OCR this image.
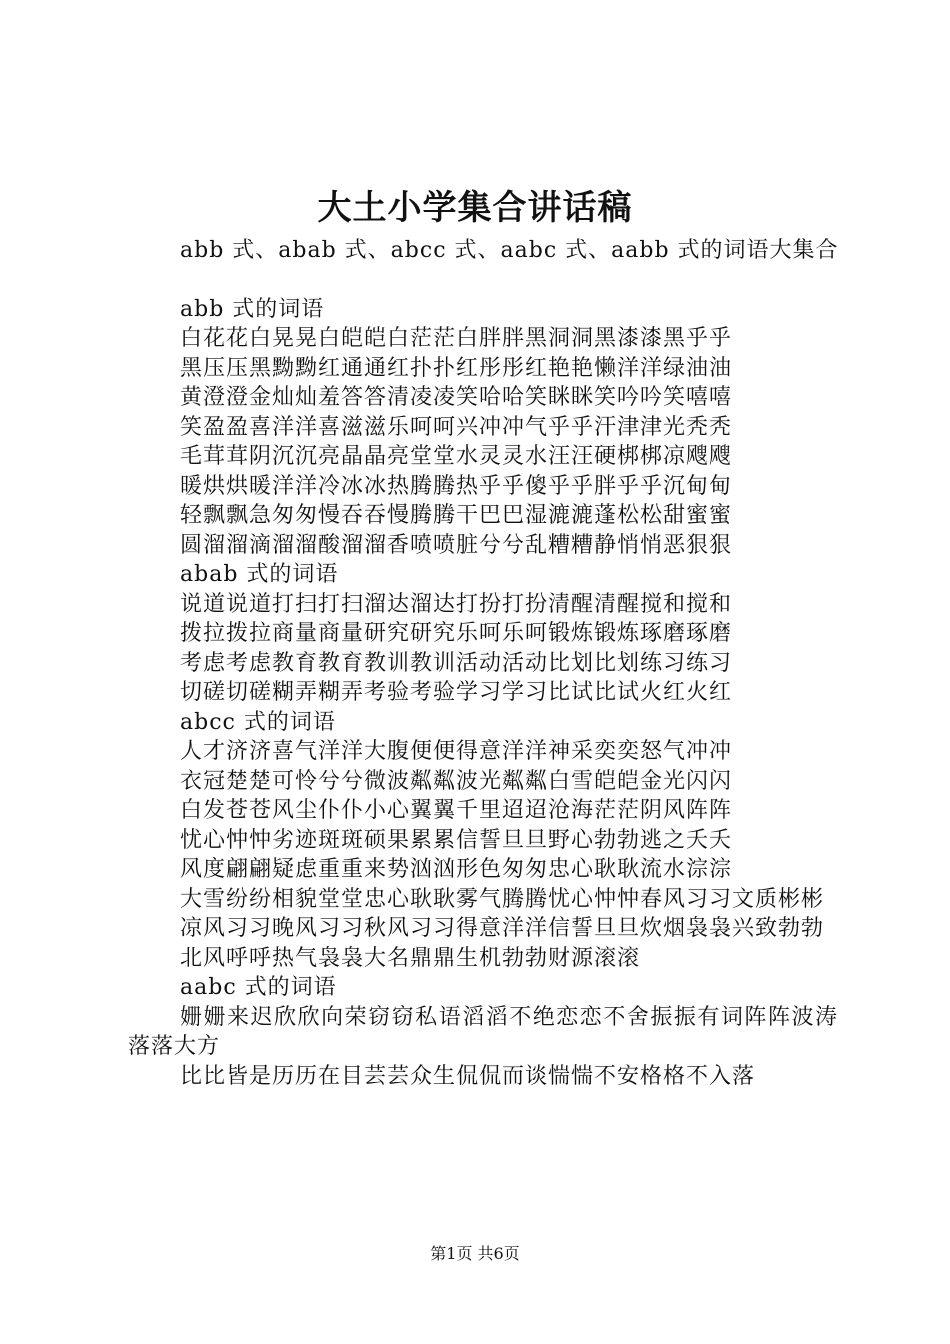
大土小学集合讲话稿
abb 式、abab 式、abcc 式、aabc 式、aabb 式的词语大集合
abb 式的词语
白花花白晃晃白皑皑白茫茫白胖胖黑洞洞黑漆漆黑乎乎
黑压压黑黝黝红通通红扑扑红彤彤红艳艳懒洋洋绿油油
黄澄澄金灿灿羞答答清凌凌笑哈哈笑眯眯笑吟吟笑嘻嘻
笑盈盈喜洋洋喜滋滋乐呵呵兴冲冲气乎乎汗津津光秃秃
毛茸茸阴沉沉亮晶晶亮堂堂水灵灵水汪汪硬梆梆凉飕飕
暖烘烘暖洋洋冷冰冰热腾腾热乎乎傻乎乎胖乎乎沉甸甸
轻飘飘急匆匆慢吞吞慢腾腾干巴巴湿漉漉蓬松松甜蜜蜜
圆溜溜滴溜溜酸溜溜香喷喷脏兮兮乱糟糟静悄悄恶狠狠
abab 式的词语
说道说道打扫打扫溜达溜达打扮打扮清醒清醒搅和搅和
拨拉拨拉商量商量研究研究乐呵乐呵锻炼锻炼琢磨琢磨
考虑考虑教育教育教训教训活动活动比划比划练习练习
切磋切磋糊弄糊弄考验考验学习学习比试比试火红火红
abcc 式的词语
人才济济喜气洋洋大腹便便得意洋洋神采奕奕怒气冲冲
衣冠楚楚可怜兮兮微波粼粼波光粼粼白雪皑皑金光闪闪
白发苍苍风尘仆仆小心翼翼千里迢迢沧海茫茫阴风阵阵
忧心忡忡劣迹斑斑硕果累累信誓旦旦野心勃勃逃之夭夭
风度翩翩疑虑重重来势汹汹形色匆匆忠心耿耿流水淙淙
大雪纷纷相貌堂堂忠心耿耿雾气腾腾忧心忡忡春风习习文质彬彬
凉风习习晚风习习秋风习习得意洋洋信誓旦旦炊烟袅袅兴致勃勃
北风呼呼热气袅袅大名鼎鼎生机勃勃财源滚滚
aabc 式的词语
姗姗来迟欣欣向荣窃窃私语滔滔不绝恋恋不舍振振有词阵阵波涛落落大方
比比皆是历历在目芸芸众生侃侃而谈惴惴不安格格不入落
第1页 共6页
